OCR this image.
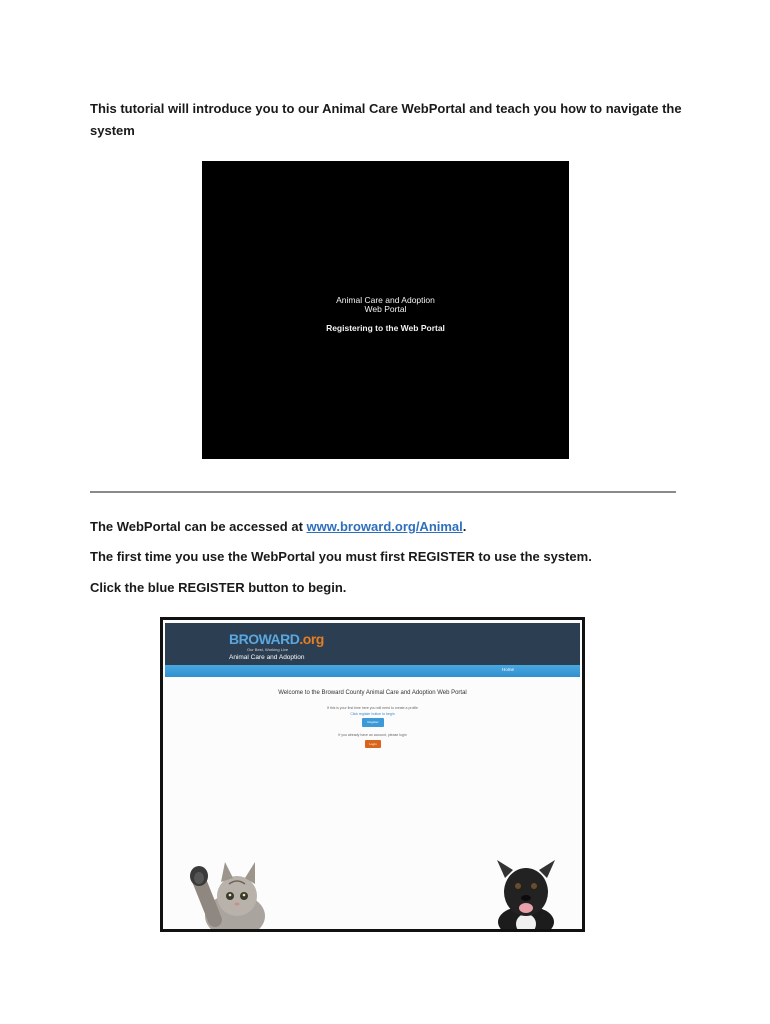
This tutorial will introduce you to our Animal Care WebPortal and teach you how to navigate the system

Animal Care and Adoption
Web Portal
Registering to the Web Portal

The WebPortal can be accessed at www.broward.org/Animal.

The first time you use the WebPortal you must first REGISTER to use the system.

Click the blue REGISTER button to begin.

BROWARD.org
Our Best, Working Live
Animal Care and Adoption
Home
Welcome to the Broward County Animal Care and Adoption Web Portal
If this is your first time here you will need to create a profile
Click register button to begin
Register
If you already have an account, please login
Login
